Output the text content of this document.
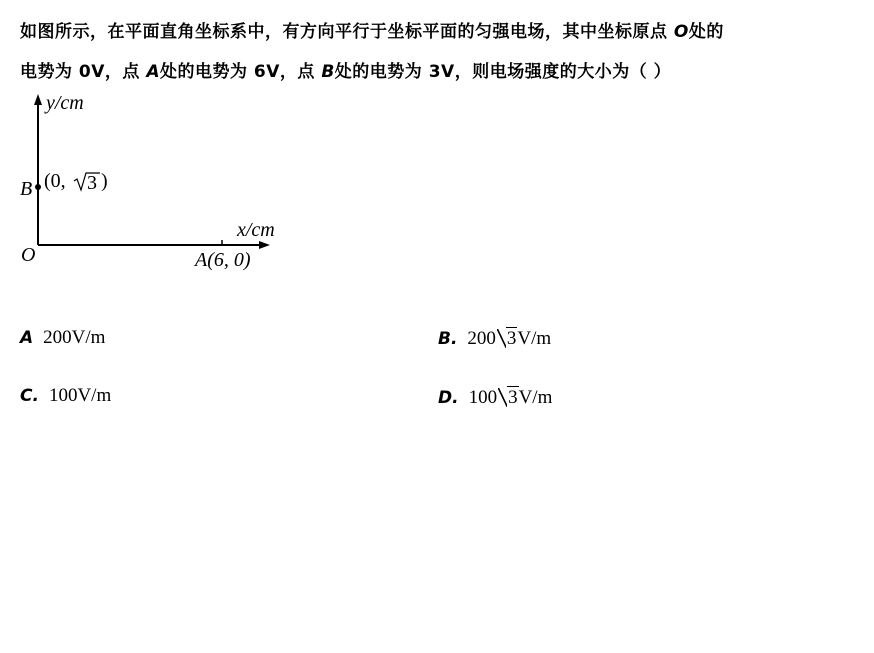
如图所示，在平面直角坐标系中，有方向平行于坐标平面的匀强电场，其中坐标原点 O处的
电势为 0V，点 A处的电势为 6V，点 B处的电势为 3V，则电场强度的大小为（ ）
y/cm
x/cm
O
B (0, 3 )
A(6, 0)
A 200V/m	B. 200 3V/m
C. 100V/m	D. 100 3V/m
